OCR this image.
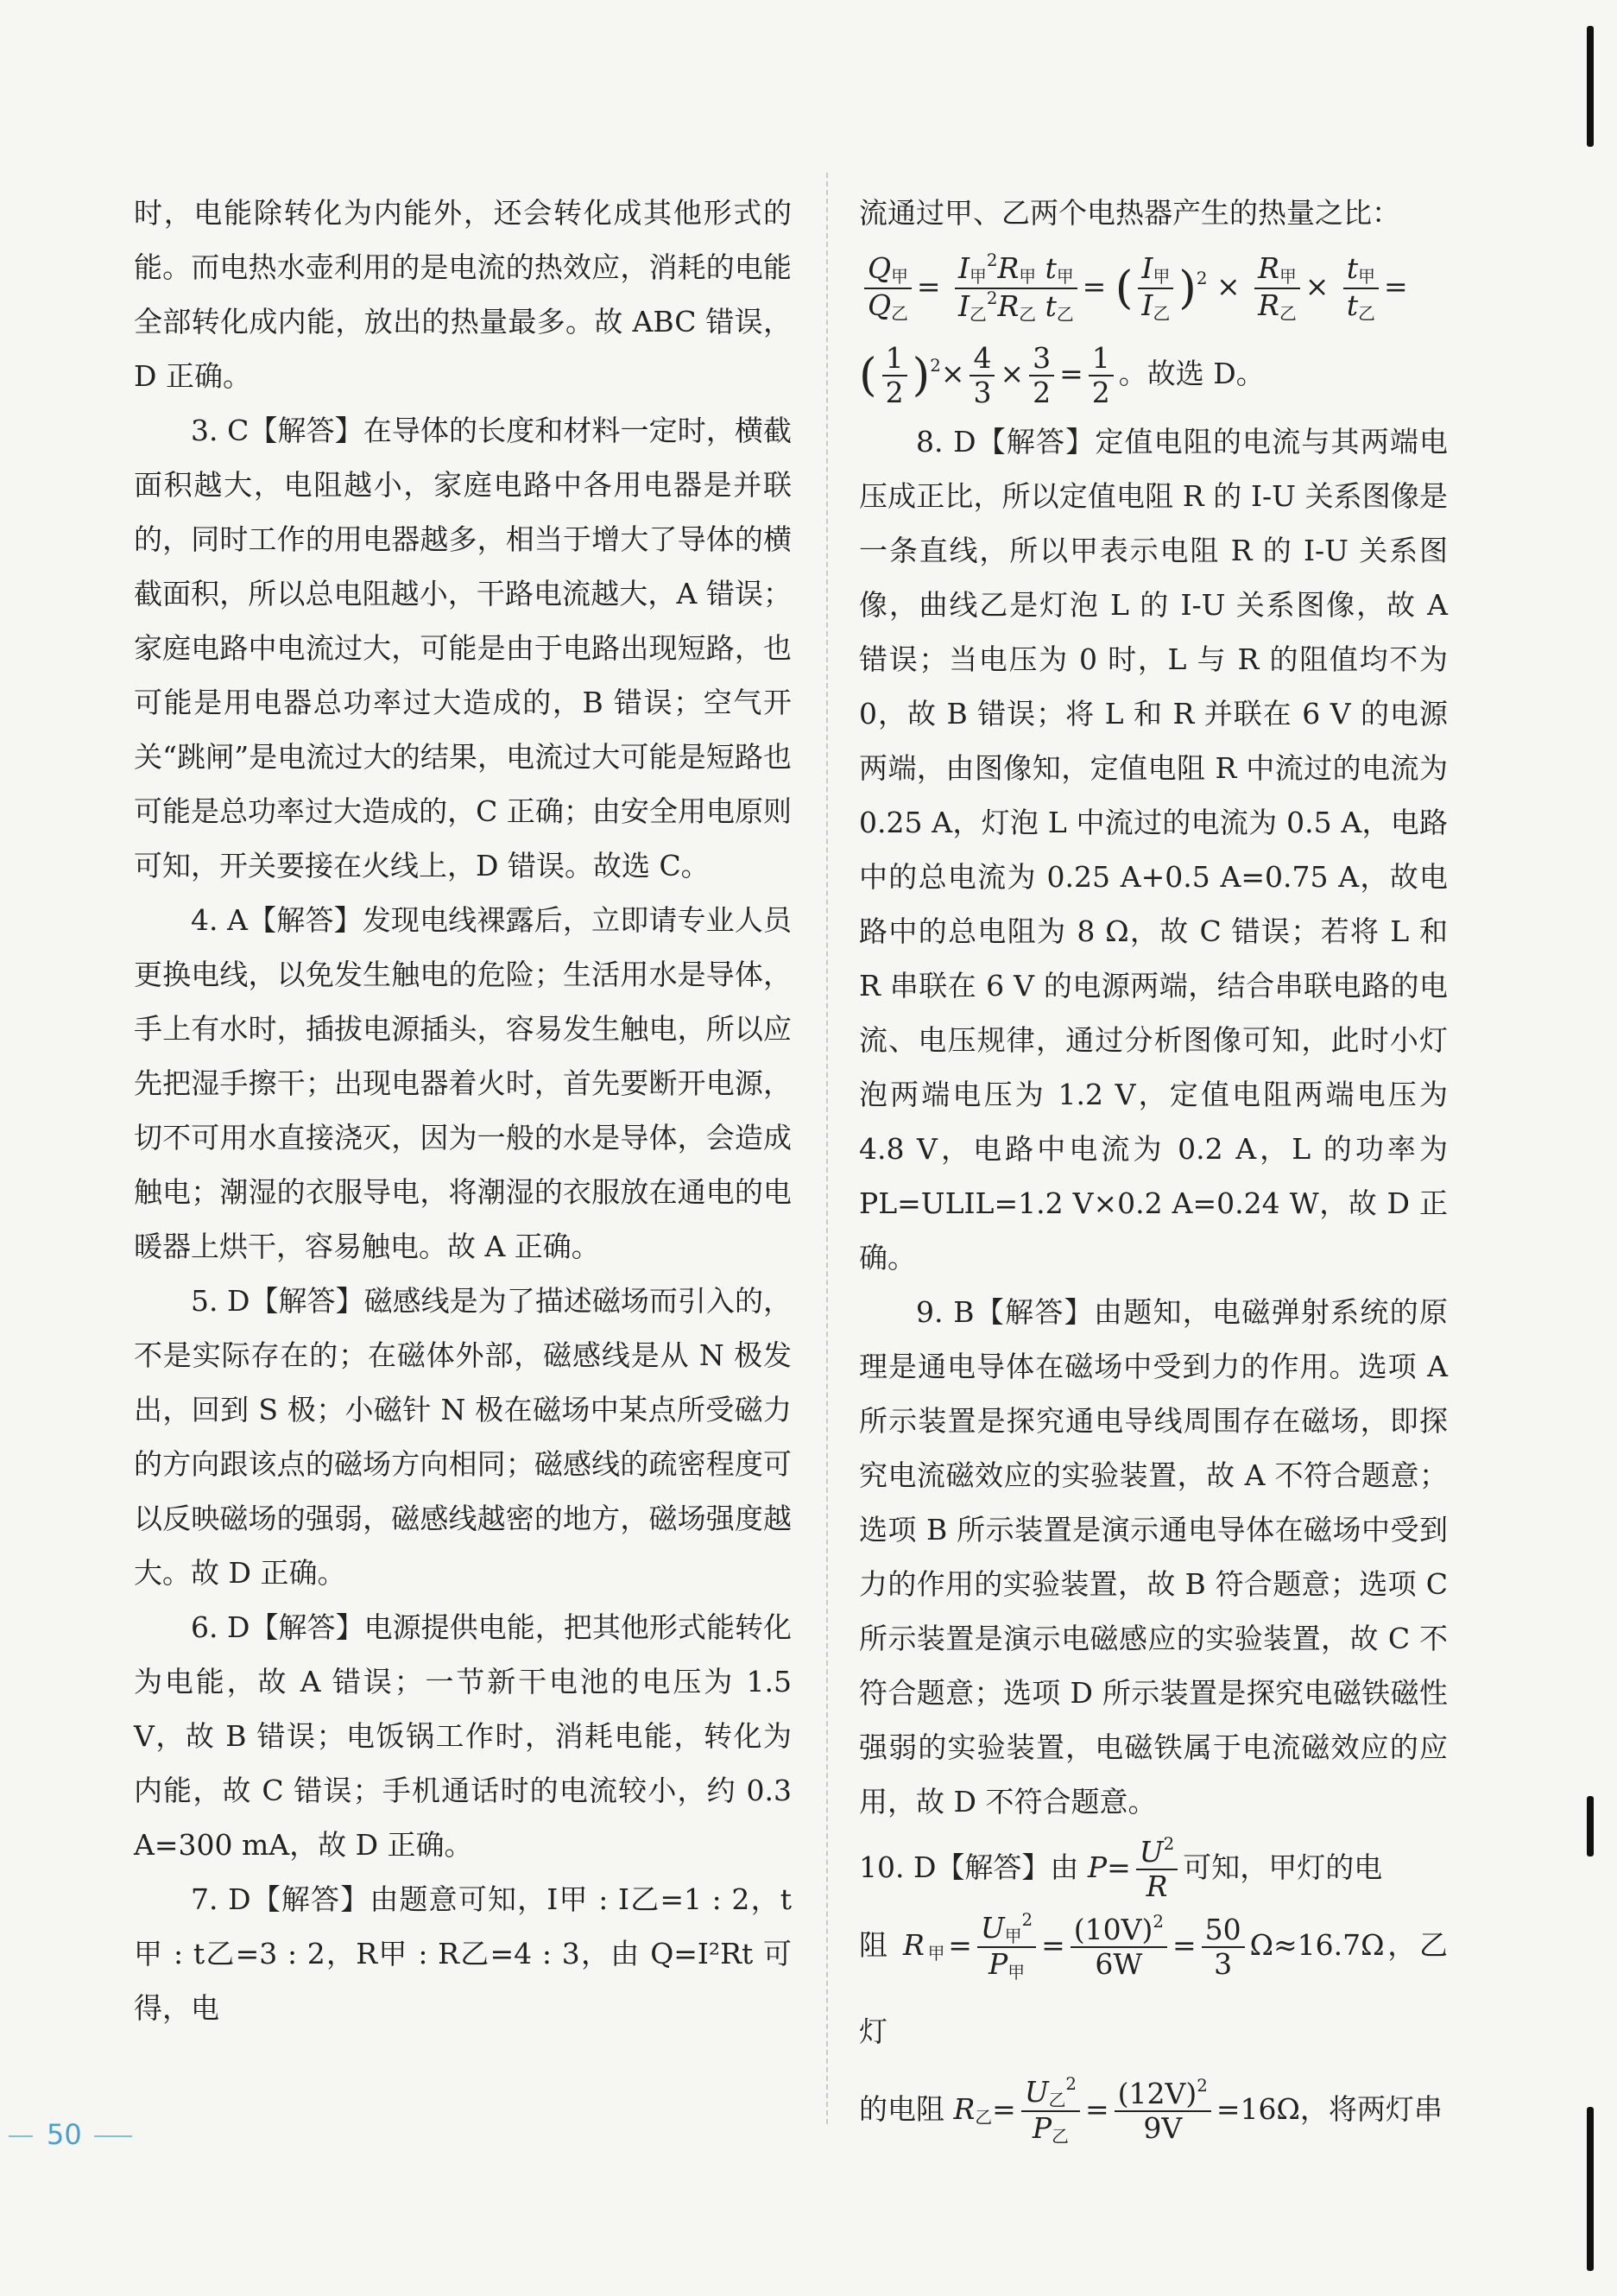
时，电能除转化为内能外，还会转化成其他形式的能。而电热水壶利用的是电流的热效应，消耗的电能全部转化成内能，放出的热量最多。故 ABC 错误，D 正确。

3. C【解答】在导体的长度和材料一定时，横截面积越大，电阻越小，家庭电路中各用电器是并联的，同时工作的用电器越多，相当于增大了导体的横截面积，所以总电阻越小，干路电流越大，A 错误；家庭电路中电流过大，可能是由于电路出现短路，也可能是用电器总功率过大造成的，B 错误；空气开关“跳闸”是电流过大的结果，电流过大可能是短路也可能是总功率过大造成的，C 正确；由安全用电原则可知，开关要接在火线上，D 错误。故选 C。

4. A【解答】发现电线裸露后，立即请专业人员更换电线，以免发生触电的危险；生活用水是导体，手上有水时，插拔电源插头，容易发生触电，所以应先把湿手擦干；出现电器着火时，首先要断开电源，切不可用水直接浇灭，因为一般的水是导体，会造成触电；潮湿的衣服导电，将潮湿的衣服放在通电的电暖器上烘干，容易触电。故 A 正确。

5. D【解答】磁感线是为了描述磁场而引入的，不是实际存在的；在磁体外部，磁感线是从 N 极发出，回到 S 极；小磁针 N 极在磁场中某点所受磁力的方向跟该点的磁场方向相同；磁感线的疏密程度可以反映磁场的强弱，磁感线越密的地方，磁场强度越大。故 D 正确。

6. D【解答】电源提供电能，把其他形式能转化为电能，故 A 错误；一节新干电池的电压为 1.5 V，故 B 错误；电饭锅工作时，消耗电能，转化为内能，故 C 错误；手机通话时的电流较小，约 0.3 A=300 mA，故 D 正确。

7. D【解答】由题意可知，I甲 : I乙=1 : 2，t甲 : t乙=3 : 2，R甲 : R乙=4 : 3，由 Q=I²Rt 可得，电

流通过甲、乙两个电热器产生的热量之比：

$\frac{Q_甲}{Q_乙} = \frac{I_甲^2R_甲 t_甲}{I_乙^2R_乙 t_乙}$ = ( $\frac{I_甲}{I_乙} )^2 \times \frac{R_甲}{R_乙} \times \frac{t_甲}{t_乙}$ =

( $\frac{1}{2} )^2\times \frac{4}{3} \times \frac{3}{2} = \frac{1}{2}$ 。故选 D。

8. D【解答】定值电阻的电流与其两端电压成正比，所以定值电阻 R 的 I-U 关系图像是一条直线，所以甲表示电阻 R 的 I-U 关系图像，曲线乙是灯泡 L 的 I-U 关系图像，故 A 错误；当电压为 0 时，L 与 R 的阻值均不为 0，故 B 错误；将 L 和 R 并联在 6 V 的电源两端，由图像知，定值电阻 R 中流过的电流为 0.25 A，灯泡 L 中流过的电流为 0.5 A，电路中的总电流为 0.25 A+0.5 A=0.75 A，故电路中的总电阻为 8 Ω，故 C 错误；若将 L 和 R 串联在 6 V 的电源两端，结合串联电路的电流、电压规律，通过分析图像可知，此时小灯泡两端电压为 1.2 V，定值电阻两端电压为 4.8 V，电路中电流为 0.2 A，L 的功率为 PL=ULIL=1.2 V×0.2 A=0.24 W，故 D 正确。

9. B【解答】由题知，电磁弹射系统的原理是通电导体在磁场中受到力的作用。选项 A 所示装置是探究通电导线周围存在磁场，即探究电流磁效应的实验装置，故 A 不符合题意；选项 B 所示装置是演示通电导体在磁场中受到力的作用的实验装置，故 B 符合题意；选项 C 所示装置是演示电磁感应的实验装置，故 C 不符合题意；选项 D 所示装置是探究电磁铁磁性强弱的实验装置，电磁铁属于电流磁效应的应用，故 D 不符合题意。

10. D【解答】由 $P= \frac{U^2}{R}$ 可知，甲灯的电

阻 $R_甲= \frac{U_甲^2}{P_甲} = \frac{(10V)^2}{6W} = \frac{50}{3} \Omega\approx 16.7\Omega$，乙灯

的电阻 $R_乙= \frac{U_乙^2}{P_乙} = \frac{(12V)^2}{9V} =16\Omega$，将两灯串

50
